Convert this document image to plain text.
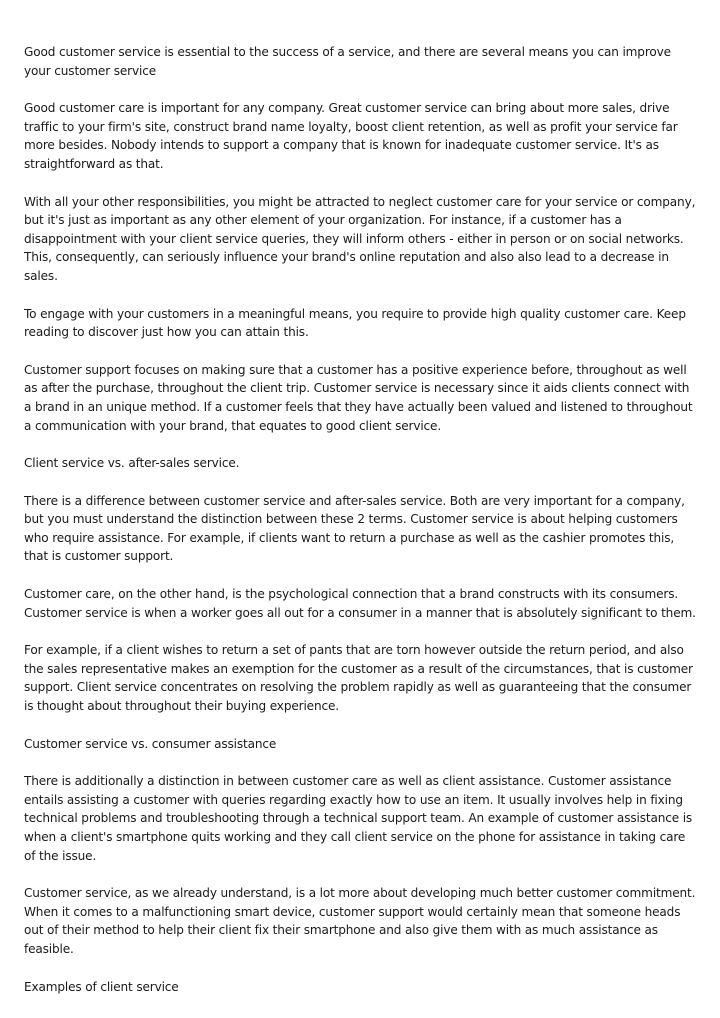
Good customer service is essential to the success of a service, and there are several means you can improve your customer service

Good customer care is important for any company. Great customer service can bring about more sales, drive traffic to your firm's site, construct brand name loyalty, boost client retention, as well as profit your service far more besides. Nobody intends to support a company that is known for inadequate customer service. It's as straightforward as that.

With all your other responsibilities, you might be attracted to neglect customer care for your service or company, but it's just as important as any other element of your organization. For instance, if a customer has a disappointment with your client service queries, they will inform others - either in person or on social networks. This, consequently, can seriously influence your brand's online reputation and also also lead to a decrease in sales.

To engage with your customers in a meaningful means, you require to provide high quality customer care. Keep reading to discover just how you can attain this.

Customer support focuses on making sure that a customer has a positive experience before, throughout as well as after the purchase, throughout the client trip. Customer service is necessary since it aids clients connect with a brand in an unique method. If a customer feels that they have actually been valued and listened to throughout a communication with your brand, that equates to good client service.

Client service vs. after-sales service.

There is a difference between customer service and after-sales service. Both are very important for a company, but you must understand the distinction between these 2 terms. Customer service is about helping customers who require assistance. For example, if clients want to return a purchase as well as the cashier promotes this, that is customer support.

Customer care, on the other hand, is the psychological connection that a brand constructs with its consumers. Customer service is when a worker goes all out for a consumer in a manner that is absolutely significant to them.

For example, if a client wishes to return a set of pants that are torn however outside the return period, and also the sales representative makes an exemption for the customer as a result of the circumstances, that is customer support. Client service concentrates on resolving the problem rapidly as well as guaranteeing that the consumer is thought about throughout their buying experience.

Customer service vs. consumer assistance

There is additionally a distinction in between customer care as well as client assistance. Customer assistance entails assisting a customer with queries regarding exactly how to use an item. It usually involves help in fixing technical problems and troubleshooting through a technical support team. An example of customer assistance is when a client's smartphone quits working and they call client service on the phone for assistance in taking care of the issue.

Customer service, as we already understand, is a lot more about developing much better customer commitment. When it comes to a malfunctioning smart device, customer support would certainly mean that someone heads out of their method to help their client fix their smartphone and also give them with as much assistance as feasible.

Examples of client service
